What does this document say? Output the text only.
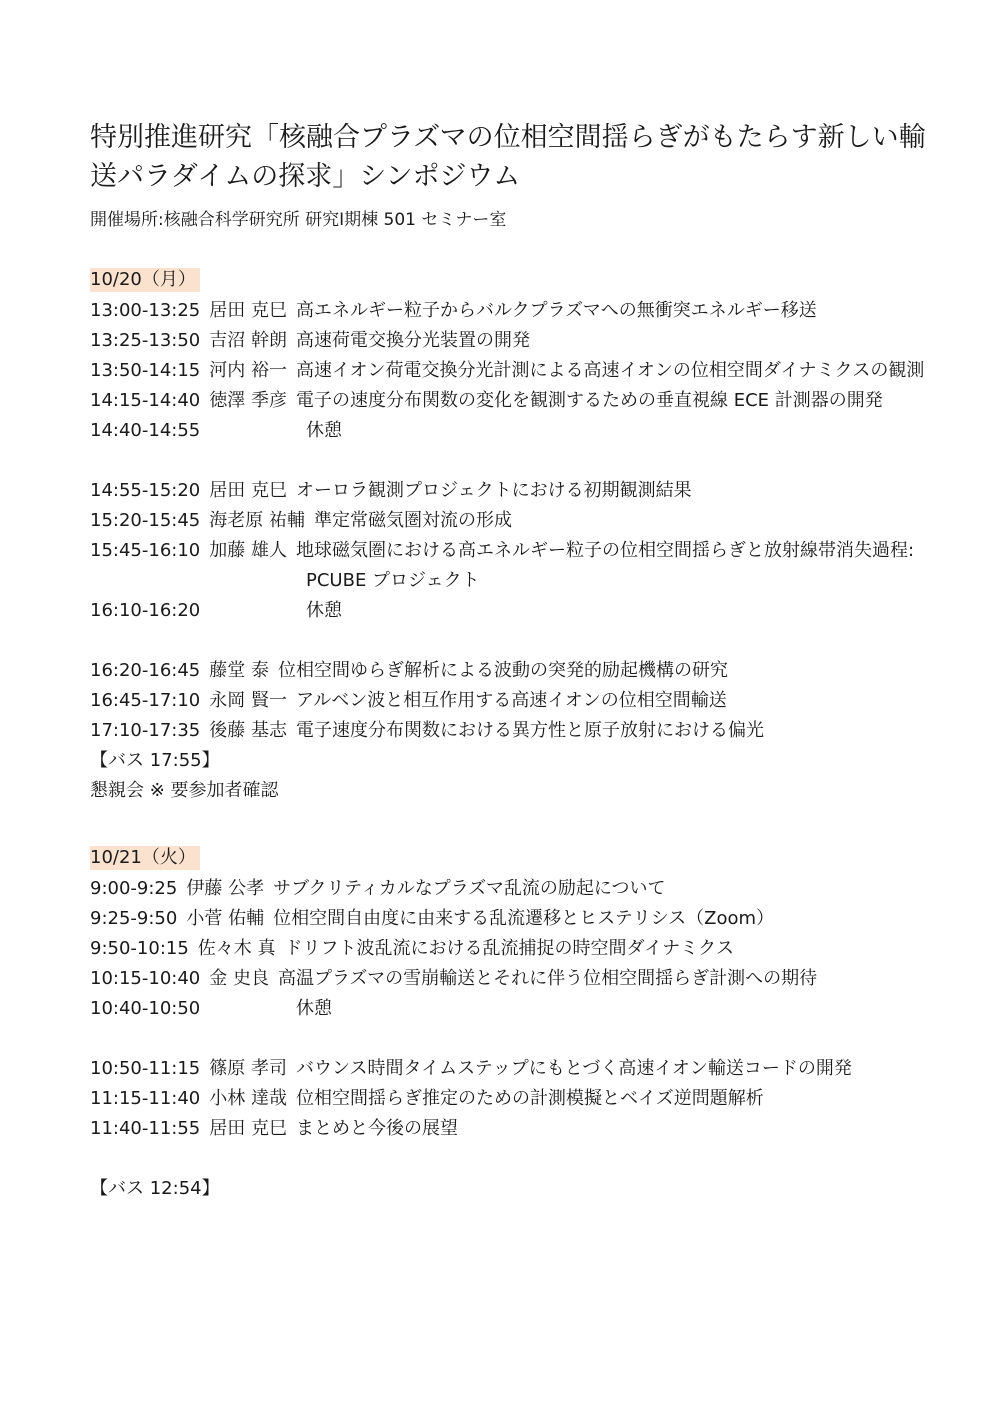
特別推進研究「核融合プラズマの位相空間揺らぎがもたらす新しい輸送パラダイムの探求」シンポジウム
開催場所:核融合科学研究所 研究Ⅰ期棟 501 セミナー室
10/20（月）
13:00-13:25 居田 克巳 高エネルギー粒子からバルクプラズマへの無衝突エネルギー移送
13:25-13:50 吉沼 幹朗 高速荷電交換分光装置の開発
13:50-14:15 河内 裕一 高速イオン荷電交換分光計測による高速イオンの位相空間ダイナミクスの観測
14:15-14:40 徳澤 季彦 電子の速度分布関数の変化を観測するための垂直視線 ECE 計測器の開発
14:40-14:55	休憩
14:55-15:20 居田 克巳 オーロラ観測プロジェクトにおける初期観測結果
15:20-15:45 海老原 祐輔 準定常磁気圏対流の形成
15:45-16:10 加藤 雄人 地球磁気圏における高エネルギー粒子の位相空間揺らぎと放射線帯消失過程:
PCUBE プロジェクト
16:10-16:20	休憩
16:20-16:45 藤堂 泰 位相空間ゆらぎ解析による波動の突発的励起機構の研究
16:45-17:10 永岡 賢一 アルベン波と相互作用する高速イオンの位相空間輸送
17:10-17:35 後藤 基志 電子速度分布関数における異方性と原子放射における偏光
【バス 17:55】
懇親会 ※ 要参加者確認
10/21（火）
9:00-9:25 伊藤 公孝 サブクリティカルなプラズマ乱流の励起について
9:25-9:50 小菅 佑輔 位相空間自由度に由来する乱流遷移とヒステリシス（Zoom）
9:50-10:15 佐々木 真 ドリフト波乱流における乱流捕捉の時空間ダイナミクス
10:15-10:40 金 史良 高温プラズマの雪崩輸送とそれに伴う位相空間揺らぎ計測への期待
10:40-10:50	休憩
10:50-11:15 篠原 孝司 バウンス時間タイムステップにもとづく高速イオン輸送コードの開発
11:15-11:40 小林 達哉 位相空間揺らぎ推定のための計測模擬とベイズ逆問題解析
11:40-11:55 居田 克巳 まとめと今後の展望
【バス 12:54】
